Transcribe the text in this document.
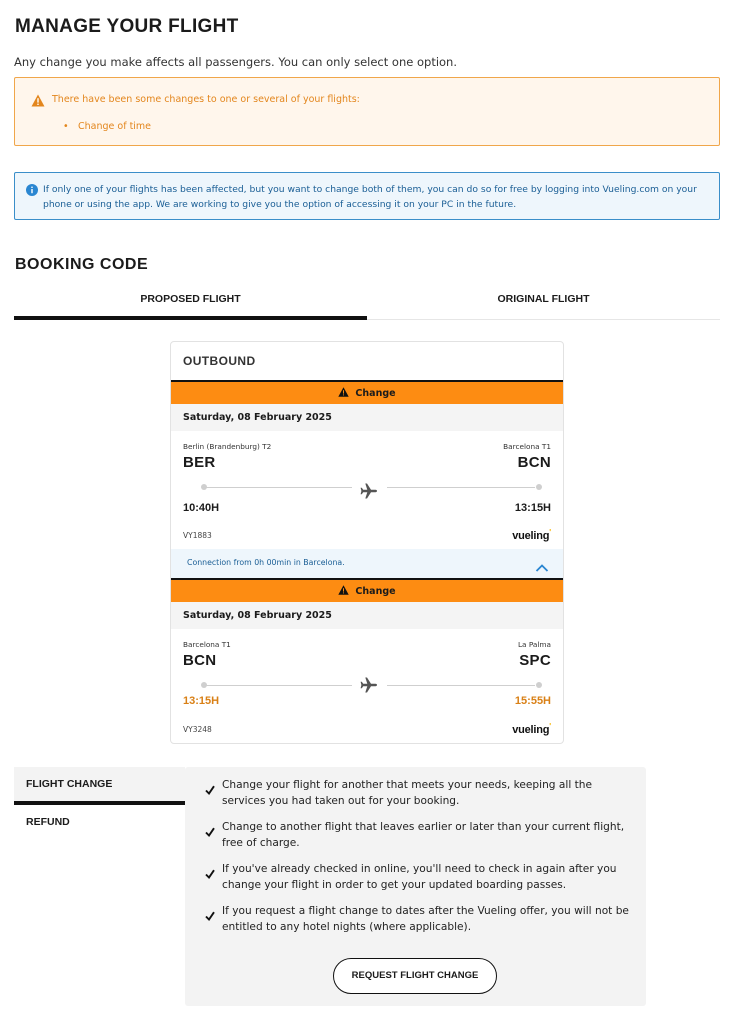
MANAGE YOUR FLIGHT
Any change you make affects all passengers. You can only select one option.
There have been some changes to one or several of your flights:
• Change of time
If only one of your flights has been affected, but you want to change both of them, you can do so for free by logging into Vueling.com on your phone or using the app. We are working to give you the option of accessing it on your PC in the future.
BOOKING CODE
PROPOSED FLIGHT	ORIGINAL FLIGHT
OUTBOUND
Change
Saturday, 08 February 2025
Berlin (Brandenburg) T2	Barcelona T1
BER	BCN
10:40H	13:15H
VY1883	vueling'
Connection from 0h 00min in Barcelona.
Change
Saturday, 08 February 2025
Barcelona T1	La Palma
BCN	SPC
13:15H	15:55H
VY3248	vueling'
FLIGHT CHANGE
REFUND
Change your flight for another that meets your needs, keeping all the services you had taken out for your booking.
Change to another flight that leaves earlier or later than your current flight, free of charge.
If you've already checked in online, you'll need to check in again after you change your flight in order to get your updated boarding passes.
If you request a flight change to dates after the Vueling offer, you will not be entitled to any hotel nights (where applicable).
REQUEST FLIGHT CHANGE
